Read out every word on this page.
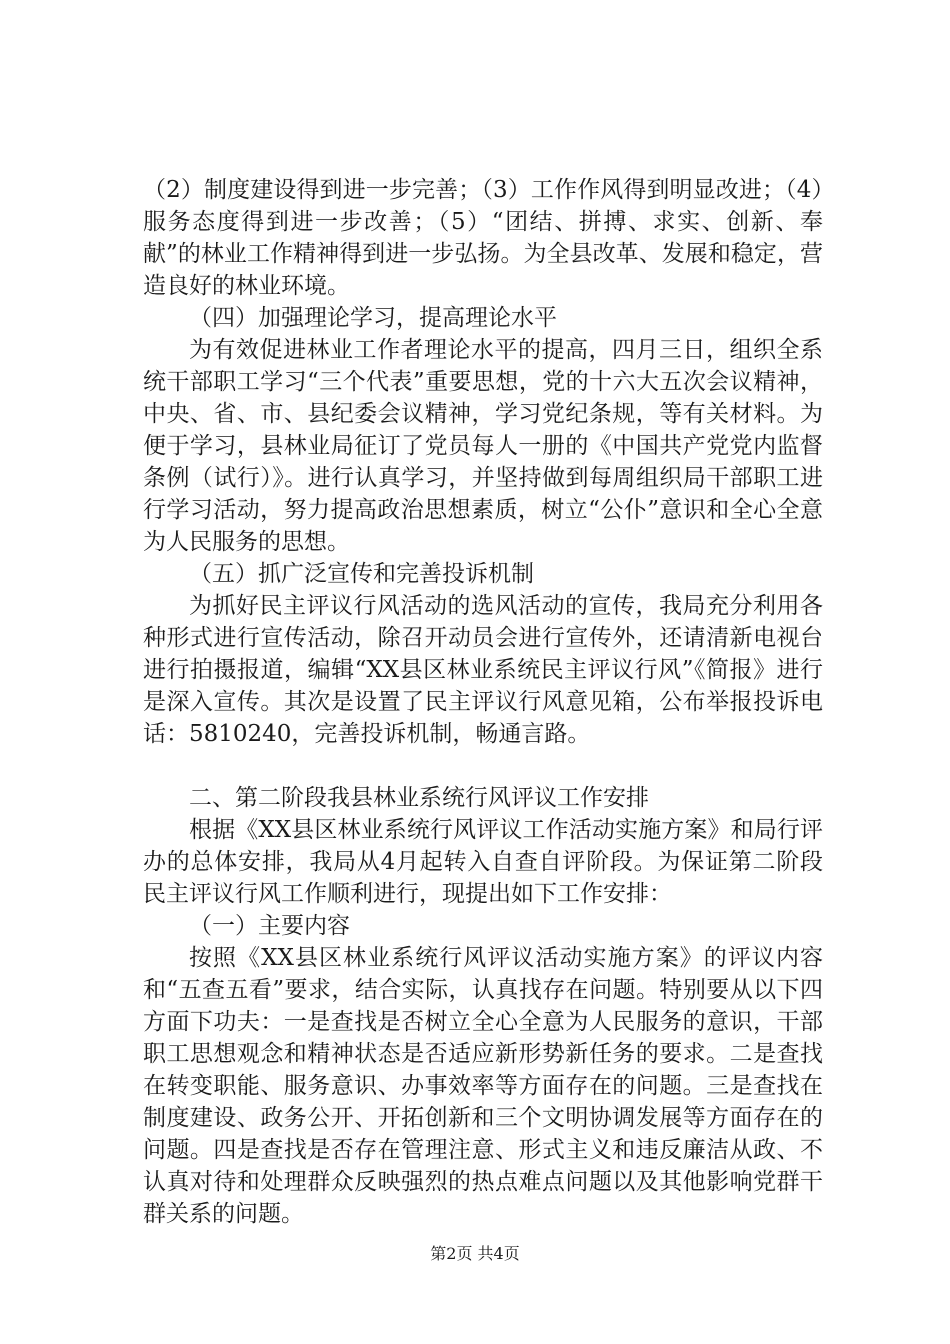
（2）制度建设得到进一步完善；（3）工作作风得到明显改进；（4）服务态度得到进一步改善；（5）“团结、拼搏、求实、创新、奉献”的林业工作精神得到进一步弘扬。为全县改革、发展和稳定，营造良好的林业环境。

（四）加强理论学习，提高理论水平

为有效促进林业工作者理论水平的提高，四月三日，组织全系统干部职工学习“三个代表”重要思想，党的十六大五次会议精神，中央、省、市、县纪委会议精神，学习党纪条规，等有关材料。为便于学习，县林业局征订了党员每人一册的《中国共产党党内监督条例（试行）》。进行认真学习，并坚持做到每周组织局干部职工进行学习活动，努力提高政治思想素质，树立“公仆”意识和全心全意为人民服务的思想。

（五）抓广泛宣传和完善投诉机制

为抓好民主评议行风活动的选风活动的宣传，我局充分利用各种形式进行宣传活动，除召开动员会进行宣传外，还请清新电视台进行拍摄报道，编辑“XX县区林业系统民主评议行风”《简报》进行是深入宣传。其次是设置了民主评议行风意见箱，公布举报投诉电话：5810240，完善投诉机制，畅通言路。

二、第二阶段我县林业系统行风评议工作安排

根据《XX县区林业系统行风评议工作活动实施方案》和局行评办的总体安排，我局从4月起转入自查自评阶段。为保证第二阶段民主评议行风工作顺利进行，现提出如下工作安排：

（一）主要内容

按照《XX县区林业系统行风评议活动实施方案》的评议内容和“五查五看”要求，结合实际，认真找存在问题。特别要从以下四方面下功夫：一是查找是否树立全心全意为人民服务的意识，干部职工思想观念和精神状态是否适应新形势新任务的要求。二是查找在转变职能、服务意识、办事效率等方面存在的问题。三是查找在制度建设、政务公开、开拓创新和三个文明协调发展等方面存在的问题。四是查找是否存在管理注意、形式主义和违反廉洁从政、不认真对待和处理群众反映强烈的热点难点问题以及其他影响党群干群关系的问题。

第2页 共4页
